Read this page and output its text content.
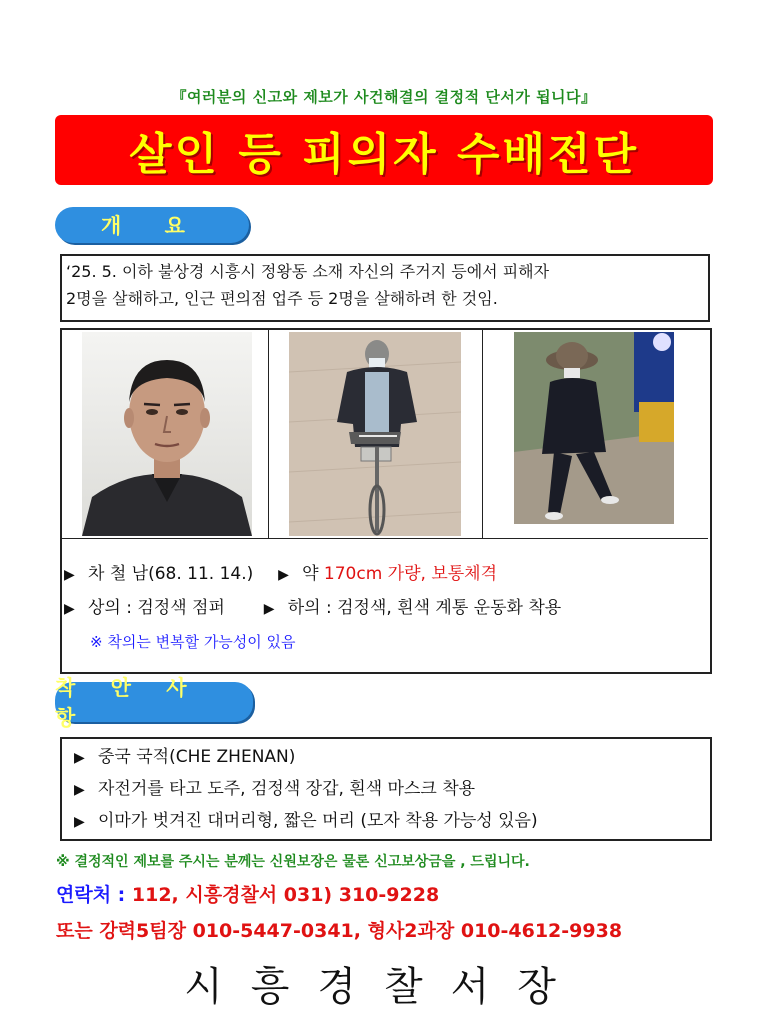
『여러분의 신고와 제보가 사건해결의 결정적 단서가 됩니다』
살인 등 피의자 수배전단
개 요
‘25. 5. 이하 불상경 시흥시 정왕동 소재 자신의 주거지 등에서 피해자
2명을 살해하고, 인근 편의점 업주 등 2명을 살해하려 한 것임.
▶ 차 철 남(68. 11. 14.) ▶ 약 170cm 가량, 보통체격
▶ 상의 : 검정색 점퍼	▶ 하의 : 검정색, 흰색 계통 운동화 착용
※ 착의는 변복할 가능성이 있음
착 안 사 항
▶ 중국 국적(CHE ZHENAN)
▶ 자전거를 타고 도주, 검정색 장갑, 흰색 마스크 착용
▶ 이마가 벗겨진 대머리형, 짧은 머리 (모자 착용 가능성 있음)
※ 결정적인 제보를 주시는 분께는 신원보장은 물론 신고보상금을 , 드립니다.
연락처 : 112, 시흥경찰서 031) 310-9228
또는 강력5팀장 010-5447-0341, 형사2과장 010-4612-9938
시흥경찰서장
